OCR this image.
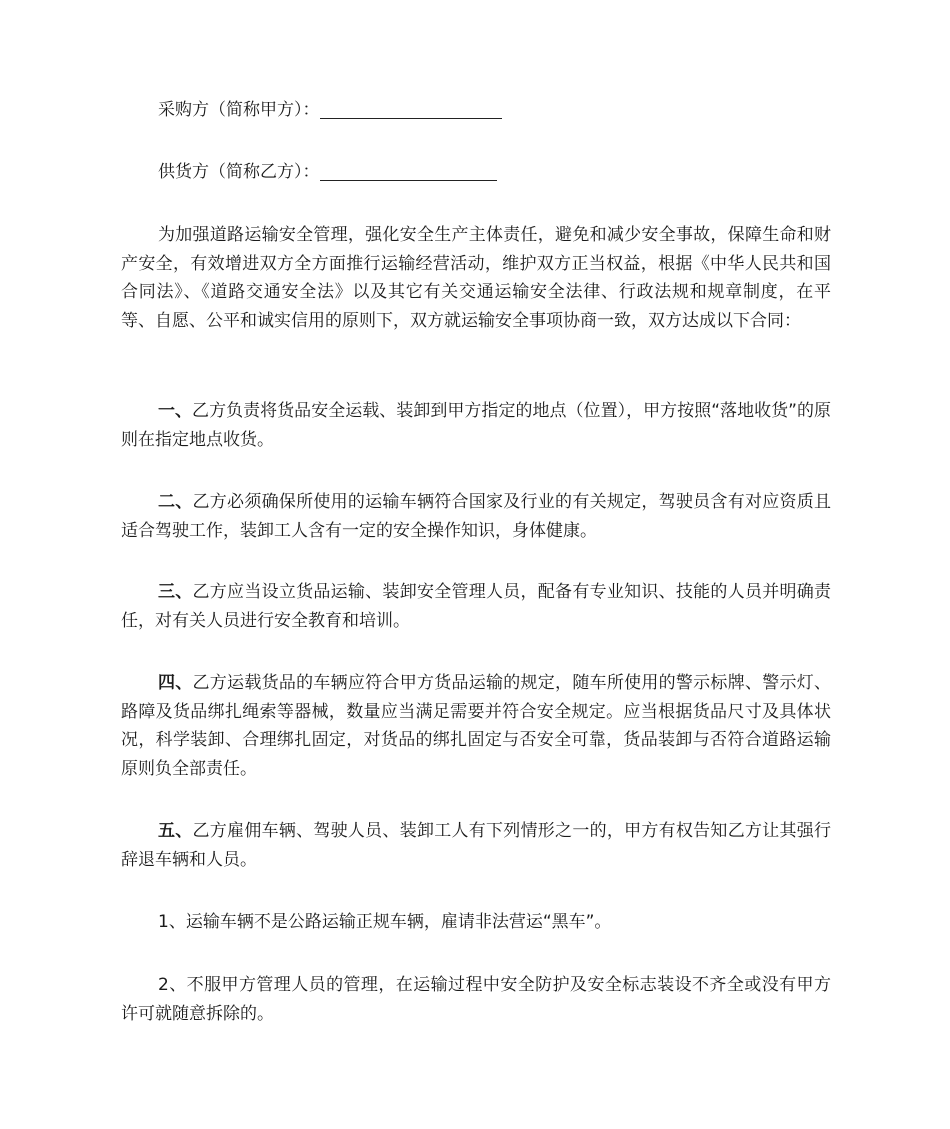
采购方（简称甲方）：
供货方（简称乙方）：

为加强道路运输安全管理，强化安全生产主体责任，避免和减少安全事故，保障生命和财产安全，有效增进双方全方面推行运输经营活动，维护双方正当权益，根据《中华人民共和国合同法》、《道路交通安全法》以及其它有关交通运输安全法律、行政法规和规章制度，在平等、自愿、公平和诚实信用的原则下，双方就运输安全事项协商一致，双方达成以下合同：

一、乙方负责将货品安全运载、装卸到甲方指定的地点（位置），甲方按照“落地收货”的原则在指定地点收货。

二、乙方必须确保所使用的运输车辆符合国家及行业的有关规定，驾驶员含有对应资质且适合驾驶工作，装卸工人含有一定的安全操作知识，身体健康。

三、乙方应当设立货品运输、装卸安全管理人员，配备有专业知识、技能的人员并明确责任，对有关人员进行安全教育和培训。

四、乙方运载货品的车辆应符合甲方货品运输的规定，随车所使用的警示标牌、警示灯、路障及货品绑扎绳索等器械，数量应当满足需要并符合安全规定。应当根据货品尺寸及具体状况，科学装卸、合理绑扎固定，对货品的绑扎固定与否安全可靠，货品装卸与否符合道路运输原则负全部责任。

五、乙方雇佣车辆、驾驶人员、装卸工人有下列情形之一的，甲方有权告知乙方让其强行辞退车辆和人员。

1、运输车辆不是公路运输正规车辆，雇请非法营运“黑车”。

2、不服甲方管理人员的管理，在运输过程中安全防护及安全标志装设不齐全或没有甲方许可就随意拆除的。
